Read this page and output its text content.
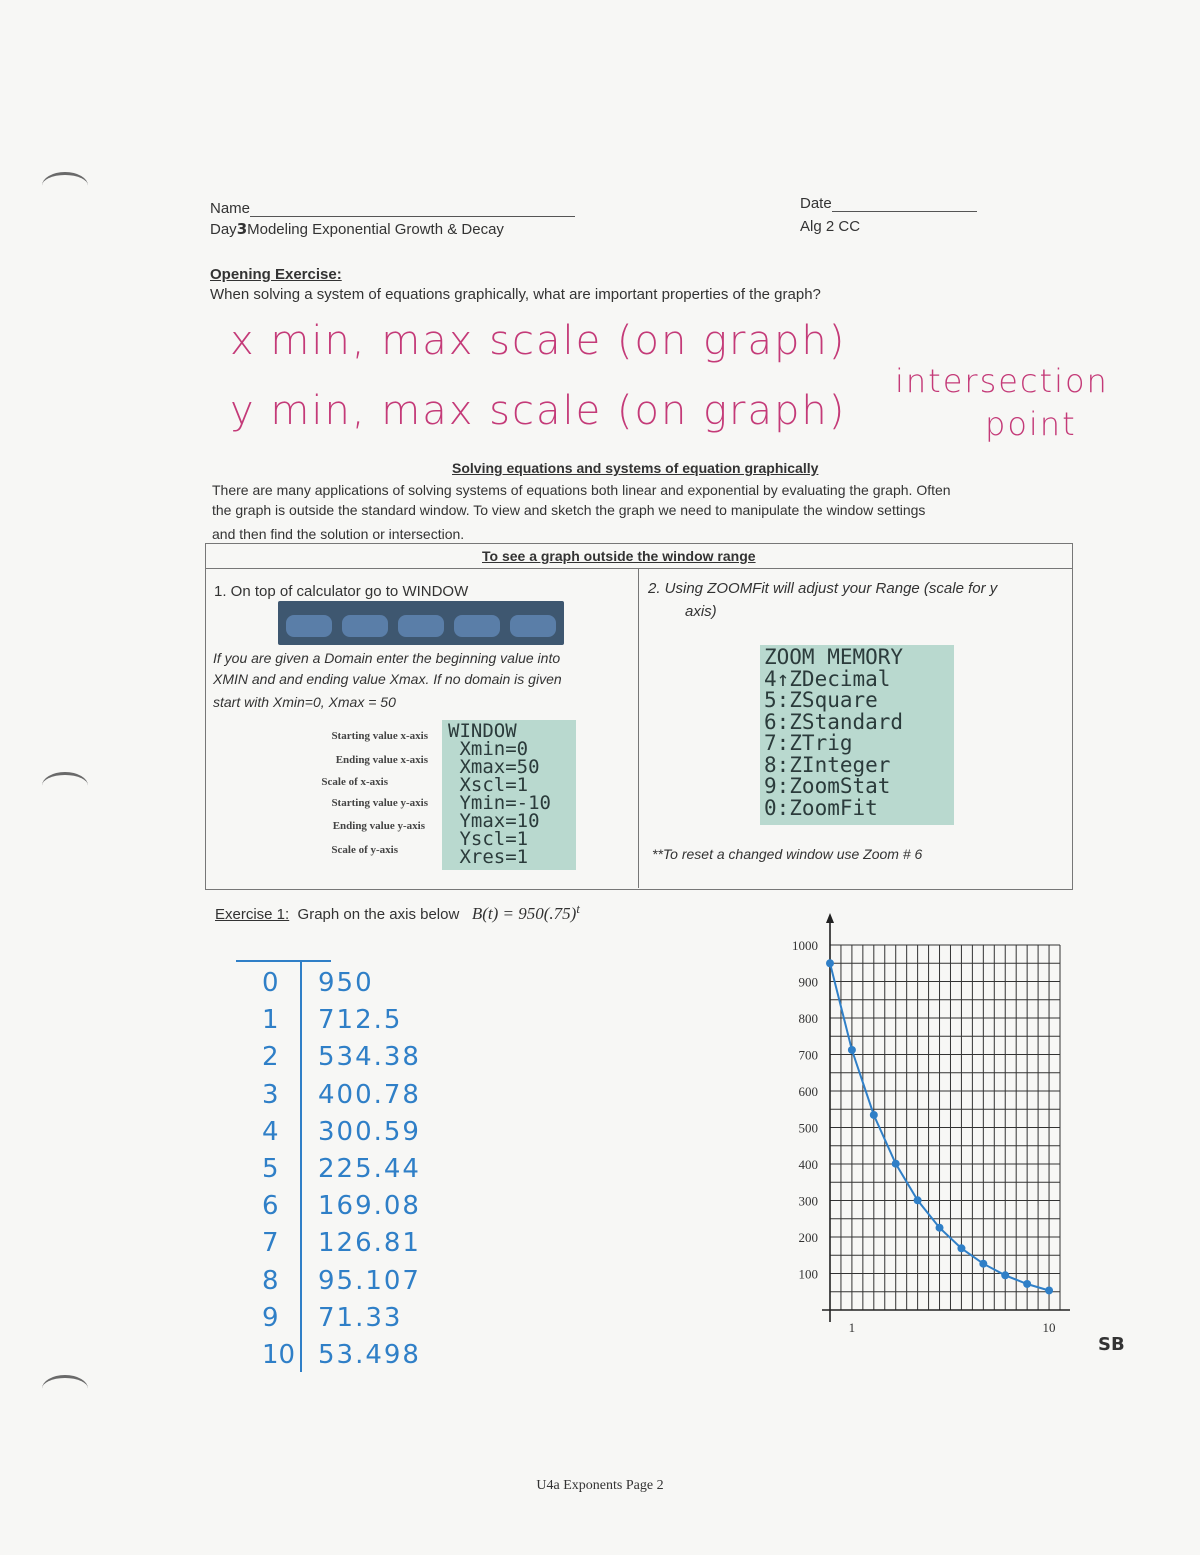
Name
Day3Modeling Exponential Growth & Decay
Date
Alg 2 CC
Opening Exercise:
When solving a system of equations graphically, what are important properties of the graph?
x min, max scale (on graph)
y min, max scale (on graph)
intersection
point
Solving equations and systems of equation graphically
There are many applications of solving systems of equations both linear and exponential by evaluating the graph. Often
the graph is outside the standard window. To view and sketch the graph we need to manipulate the window settings
and then find the solution or intersection.
To see a graph outside the window range
1. On top of calculator go to WINDOW
If you are given a Domain enter the beginning value into
XMIN and and ending value Xmax. If no domain is given
start with Xmin=0, Xmax = 50
Starting value x-axis
Ending value x-axis
Scale of x-axis
Starting value y-axis
Ending value y-axis
Scale of y-axis
WINDOW
Xmin=0
Xmax=50
Xscl=1
Ymin=-10
Ymax=10
Yscl=1
Xres=1
2. Using ZOOMFit will adjust your Range (scale for y
axis)
ZOOM MEMORY
4↑ZDecimal
5:ZSquare
6:ZStandard
7:ZTrig
8:ZInteger
9:ZoomStat
0:ZoomFit
**To reset a changed window use Zoom # 6
Exercise 1: Graph on the axis below $B(t) = 950(.75)^t$
0 950
1 712.5
2 534.38
3 400.78
4 300.59
5 225.44
6 169.08
7 126.81
8 95.107
9 71.33
10 53.498
1000
900
800
700
600
500
400
300
200
100
1	10
SB
U4a Exponents Page 2
